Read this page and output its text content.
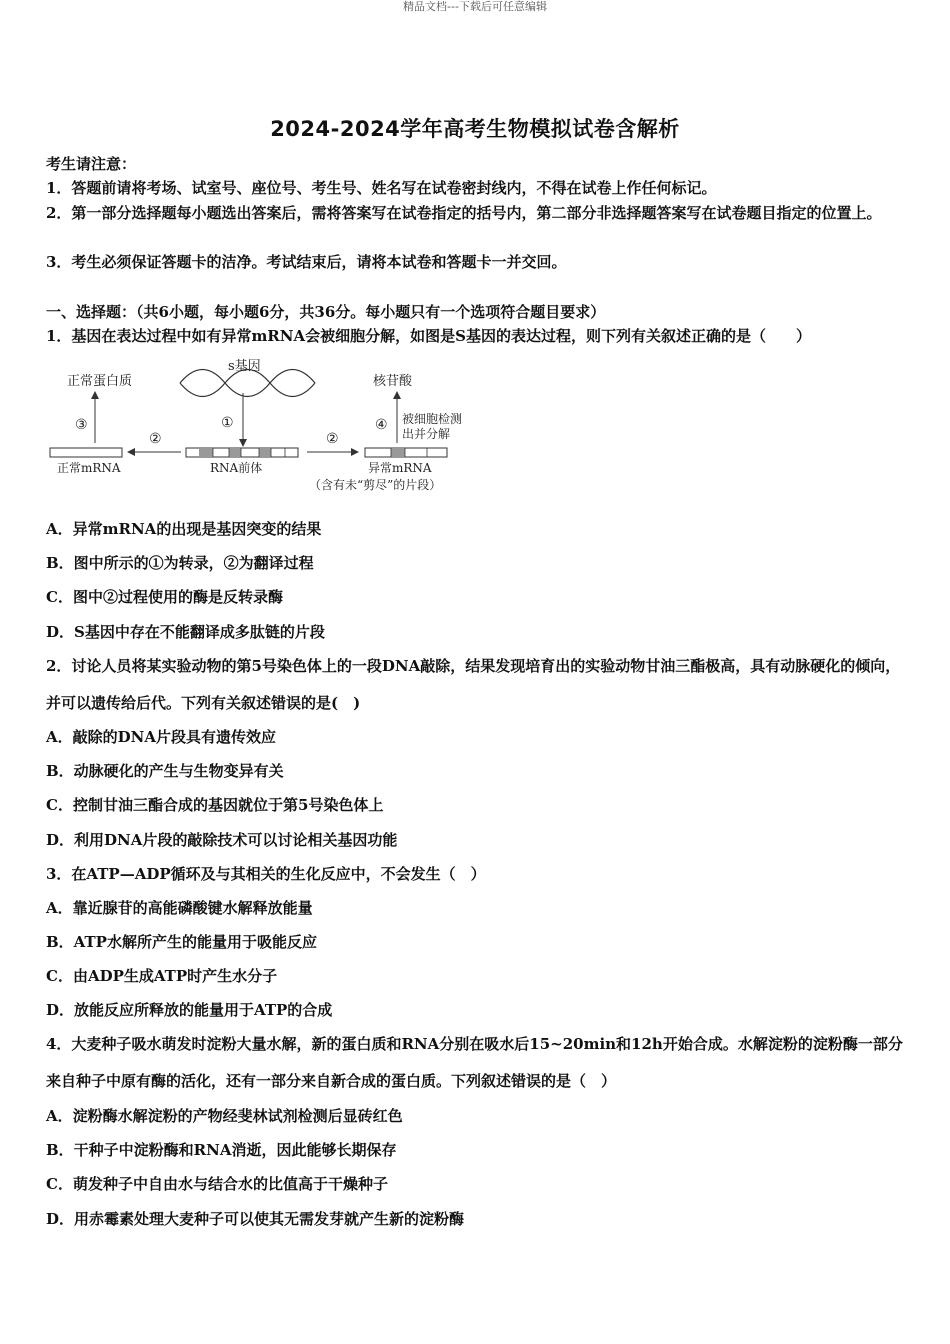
精品文档---下载后可任意编辑
2024-2024学年高考生物模拟试卷含解析
考生请注意：
1．答题前请将考场、试室号、座位号、考生号、姓名写在试卷密封线内，不得在试卷上作任何标记。
2．第一部分选择题每小题选出答案后，需将答案写在试卷指定的括号内，第二部分非选择题答案写在试卷题目指定的位置上。
3．考生必须保证答题卡的洁净。考试结束后，请将本试卷和答题卡一并交回。
一、选择题：（共6小题，每小题6分，共36分。每小题只有一个选项符合题目要求）
1．基因在表达过程中如有异常mRNA会被细胞分解，如图是S基因的表达过程，则下列有关叙述正确的是（　　）
s基因
①
RNA前体
②
正常mRNA
③
正常蛋白质
②
异常mRNA
（含有未“剪尽”的片段）
④ 被细胞检测
出并分解
核苷酸
A．异常mRNA的出现是基因突变的结果
B．图中所示的①为转录，②为翻译过程
C．图中②过程使用的酶是反转录酶
D．S基因中存在不能翻译成多肽链的片段
2．讨论人员将某实验动物的第5号染色体上的一段DNA敲除，结果发现培育出的实验动物甘油三酯极高，具有动脉硬化的倾向，并可以遗传给后代。下列有关叙述错误的是(　)
A．敲除的DNA片段具有遗传效应
B．动脉硬化的产生与生物变异有关
C．控制甘油三酯合成的基因就位于第5号染色体上
D．利用DNA片段的敲除技术可以讨论相关基因功能
3．在ATP—ADP循环及与其相关的生化反应中，不会发生（　）
A．靠近腺苷的高能磷酸键水解释放能量
B．ATP水解所产生的能量用于吸能反应
C．由ADP生成ATP时产生水分子
D．放能反应所释放的能量用于ATP的合成
4．大麦种子吸水萌发时淀粉大量水解，新的蛋白质和RNA分别在吸水后15~20min和12h开始合成。水解淀粉的淀粉酶一部分来自种子中原有酶的活化，还有一部分来自新合成的蛋白质。下列叙述错误的是（　）
A．淀粉酶水解淀粉的产物经斐林试剂检测后显砖红色
B．干种子中淀粉酶和RNA消逝，因此能够长期保存
C．萌发种子中自由水与结合水的比值高于干燥种子
D．用赤霉素处理大麦种子可以使其无需发芽就产生新的淀粉酶
